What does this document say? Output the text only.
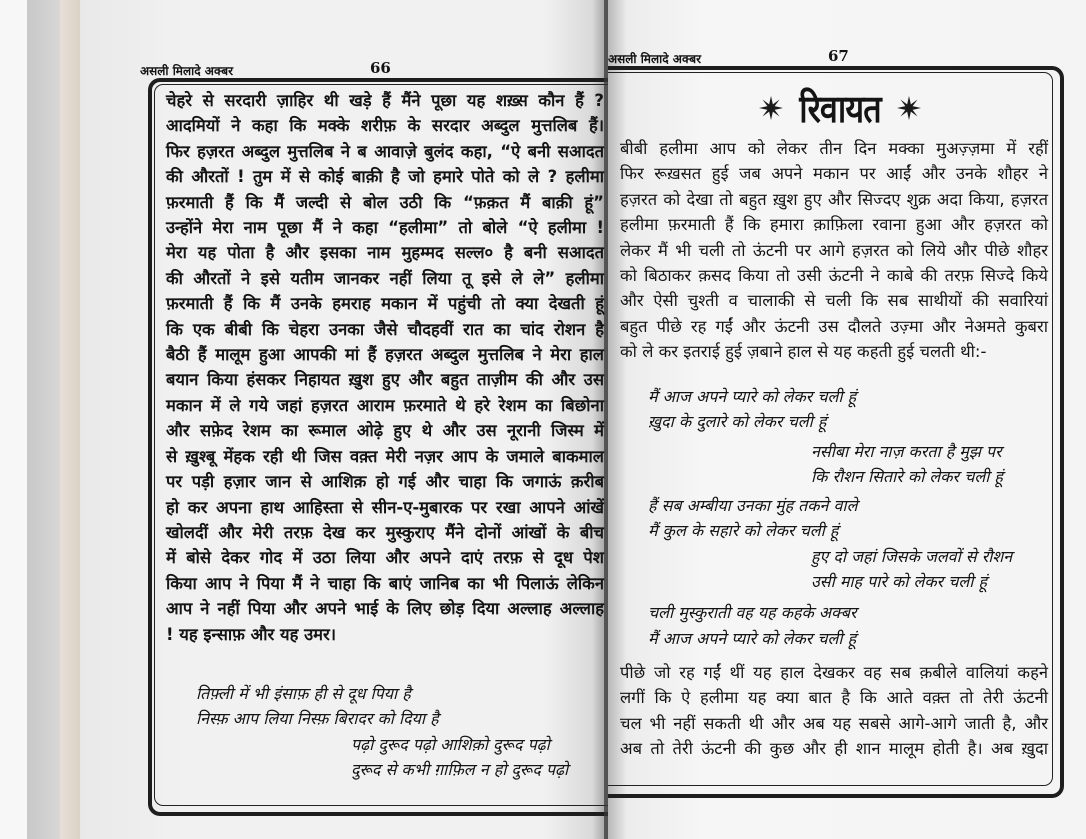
असली मिलादे अक्बर	66
चेहरे से सरदारी ज़ाहिर थी खड़े हैं मैंने पूछा यह शख़्स कौन हैं ?
आदमियों ने कहा कि मक्के शरीफ़ के सरदार अब्दुल मुत्तलिब हैं।
फिर हज़रत अब्दुल मुत्तलिब ने ब आवाज़े बुलंद कहा, “ऐ बनी सआदत
की औरतों ! तुम में से कोई बाक़ी है जो हमारे पोते को ले ? हलीमा
फ़रमाती हैं कि मैं जल्दी से बोल उठी कि “फ़क़त मैं बाक़ी हूं”
उन्होंने मेरा नाम पूछा मैं ने कहा “हलीमा” तो बोले “ऐ हलीमा !
मेरा यह पोता है और इसका नाम मुहम्मद सल्ल० है बनी सआदत
की औरतों ने इसे यतीम जानकर नहीं लिया तू इसे ले ले” हलीमा
फ़रमाती हैं कि मैं उनके हमराह मकान में पहुंची तो क्या देखती हूं
कि एक बीबी कि चेहरा उनका जैसे चौदहवीं रात का चांद रोशन है
बैठी हैं मालूम हुआ आपकी मां हैं हज़रत अब्दुल मुत्तलिब ने मेरा हाल
बयान किया हंसकर निहायत ख़ुश हुए और बहुत ताज़ीम की और उस
मकान में ले गये जहां हज़रत आराम फ़रमाते थे हरे रेशम का बिछोना
और सफ़ेद रेशम का रूमाल ओढ़े हुए थे और उस नूरानी जिस्म में
से ख़ुश्बू मेंहक रही थी जिस वक़्त मेरी नज़र आप के जमाले बाकमाल
पर पड़ी हज़ार जान से आशिक़ हो गई और चाहा कि जगाऊं क़रीब
हो कर अपना हाथ आहिस्ता से सीन-ए-मुबारक पर रखा आपने आंखें
खोलदीं और मेरी तरफ़ देख कर मुस्कुराए मैंने दोनों आंखों के बीच
में बोसे देकर गोद में उठा लिया और अपने दाएं तरफ़ से दूध पेश
किया आप ने पिया मैं ने चाहा कि बाएं जानिब का भी पिलाऊं लेकिन
आप ने नहीं पिया और अपने भाई के लिए छोड़ दिया अल्लाह अल्लाह
! यह इन्साफ़ और यह उमर।
तिफ़्ली में भी इंसाफ़ ही से दूध पिया है
निस्फ़ आप लिया निस्फ़ बिरादर को दिया है
पढ़ो दुरूद पढ़ो आशिक़ो दुरूद पढ़ो
दुरूद से कभी ग़ाफ़िल न हो दुरूद पढ़ो
असली मिलादे अक्बर	67
रिवायत
बीबी हलीमा आप को लेकर तीन दिन मक्का मुअज़्ज़मा में रहीं
फिर रूख़सत हुई जब अपने मकान पर आईं और उनके शौहर ने
हज़रत को देखा तो बहुत ख़ुश हुए और सिज्दए शुक्र अदा किया, हज़रत
हलीमा फ़रमाती हैं कि हमारा क़ाफ़िला रवाना हुआ और हज़रत को
लेकर मैं भी चली तो ऊंटनी पर आगे हज़रत को लिये और पीछे शौहर
को बिठाकर क़सद किया तो उसी ऊंटनी ने काबे की तरफ़ सिज्दे किये
और ऐसी चुश्ती व चालाकी से चली कि सब साथीयों की सवारियां
बहुत पीछे रह गईं और ऊंटनी उस दौलते उज़्मा और नेअमते कुबरा
को ले कर इतराई हुई ज़बाने हाल से यह कहती हुई चलती थी:-
मैं आज अपने प्यारे को लेकर चली हूं
ख़ुदा के दुलारे को लेकर चली हूं
नसीबा मेरा नाज़ करता है मुझ पर
कि रौशन सितारे को लेकर चली हूं
हैं सब अम्बीया उनका मुंह तकने वाले
मैं कुल के सहारे को लेकर चली हूं
हुए दो जहां जिसके जलवों से रौशन
उसी माह पारे को लेकर चली हूं
चली मुस्कुराती वह यह कहके अक्बर
मैं आज अपने प्यारे को लेकर चली हूं
पीछे जो रह गईं थीं यह हाल देखकर वह सब क़बीले वालियां कहने
लगीं कि ऐ हलीमा यह क्या बात है कि आते वक़्त तो तेरी ऊंटनी
चल भी नहीं सकती थी और अब यह सबसे आगे-आगे जाती है, और
अब तो तेरी ऊंटनी की कुछ और ही शान मालूम होती है। अब ख़ुदा
